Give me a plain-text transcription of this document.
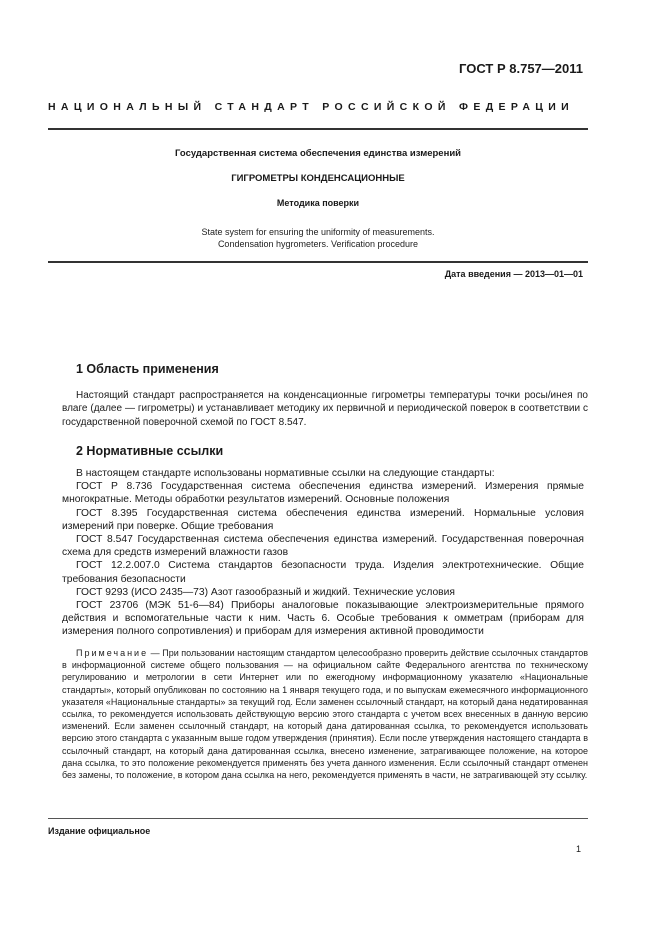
ГОСТ Р 8.757—2011
НАЦИОНАЛЬНЫЙ СТАНДАРТ РОССИЙСКОЙ ФЕДЕРАЦИИ
Государственная система обеспечения единства измерений
ГИГРОМЕТРЫ КОНДЕНСАЦИОННЫЕ
Методика поверки
State system for ensuring the uniformity of measurements.
Condensation hygrometers. Verification procedure
Дата введения — 2013—01—01
1 Область применения
Настоящий стандарт распространяется на конденсационные гигрометры температуры точки росы/инея по влаге (далее — гигрометры) и устанавливает методику их первичной и периодической поверок в соответствии с государственной поверочной схемой по ГОСТ 8.547.
2 Нормативные ссылки
В настоящем стандарте использованы нормативные ссылки на следующие стандарты:
ГОСТ Р 8.736 Государственная система обеспечения единства измерений. Измерения прямые многократные. Методы обработки результатов измерений. Основные положения
ГОСТ 8.395 Государственная система обеспечения единства измерений. Нормальные условия измерений при поверке. Общие требования
ГОСТ 8.547 Государственная система обеспечения единства измерений. Государственная поверочная схема для средств измерений влажности газов
ГОСТ 12.2.007.0 Система стандартов безопасности труда. Изделия электротехнические. Общие требования безопасности
ГОСТ 9293 (ИСО 2435—73) Азот газообразный и жидкий. Технические условия
ГОСТ 23706 (МЭК 51-6—84) Приборы аналоговые показывающие электроизмерительные прямого действия и вспомогательные части к ним. Часть 6. Особые требования к омметрам (приборам для измерения полного сопротивления) и приборам для измерения активной проводимости
Примечание — При пользовании настоящим стандартом целесообразно проверить действие ссылочных стандартов в информационной системе общего пользования — на официальном сайте Федерального агентства по техническому регулированию и метрологии в сети Интернет или по ежегодному информационному указателю «Национальные стандарты», который опубликован по состоянию на 1 января текущего года, и по выпускам ежемесячного информационного указателя «Национальные стандарты» за текущий год. Если заменен ссылочный стандарт, на который дана недатированная ссылка, то рекомендуется использовать действующую версию этого стандарта с учетом всех внесенных в данную версию изменений. Если заменен ссылочный стандарт, на который дана датированная ссылка, то рекомендуется использовать версию этого стандарта с указанным выше годом утверждения (принятия). Если после утверждения настоящего стандарта в ссылочный стандарт, на который дана датированная ссылка, внесено изменение, затрагивающее положение, на которое дана ссылка, то это положение рекомендуется применять без учета данного изменения. Если ссылочный стандарт отменен без замены, то положение, в котором дана ссылка на него, рекомендуется применять в части, не затрагивающей эту ссылку.
Издание официальное
1
